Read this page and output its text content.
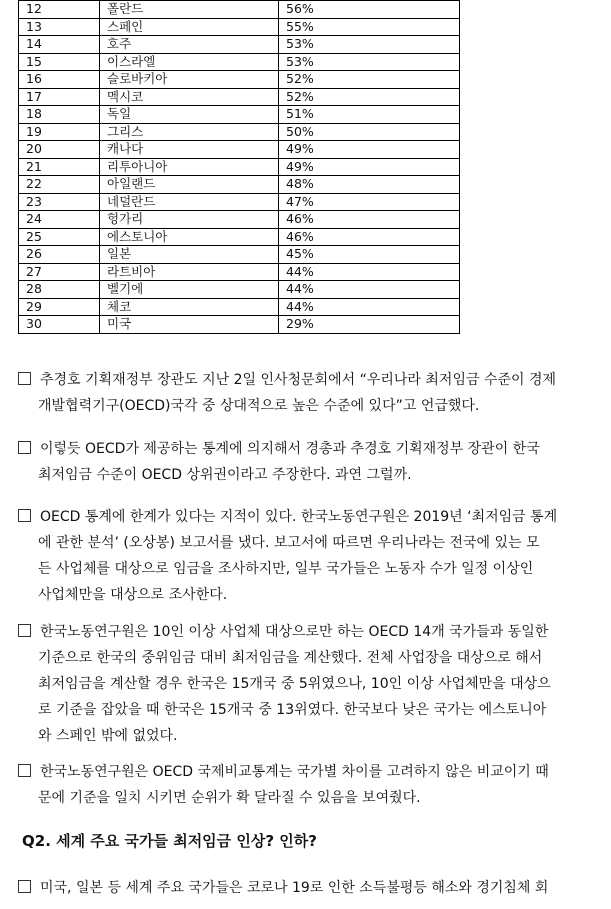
12	폴란드	56%
13	스페인	55%
14	호주	53%
15	이스라엘	53%
16	슬로바키아	52%
17	멕시코	52%
18	독일	51%
19	그리스	50%
20	캐나다	49%
21	리투아니아	49%
22	아일랜드	48%
23	네덜란드	47%
24	헝가리	46%
25	에스토니아	46%
26	일본	45%
27	라트비아	44%
28	벨기에	44%
29	체코	44%
30	미국	29%
추경호 기획재정부 장관도 지난 2일 인사청문회에서 “우리나라 최저임금 수준이 경제
개발협력기구(OECD)국각 중 상대적으로 높은 수준에 있다”고 언급했다.
이렇듯 OECD가 제공하는 통계에 의지해서 경총과 추경호 기획재정부 장관이 한국
최저임금 수준이 OECD 상위권이라고 주장한다. 과연 그럴까.
OECD 통계에 한계가 있다는 지적이 있다. 한국노동연구원은 2019년 ‘최저임금 통계
에 관한 분석’ (오상봉) 보고서를 냈다. 보고서에 따르면 우리나라는 전국에 있는 모
든 사업체를 대상으로 임금을 조사하지만, 일부 국가들은 노동자 수가 일정 이상인
사업체만을 대상으로 조사한다.
한국노동연구원은 10인 이상 사업체 대상으로만 하는 OECD 14개 국가들과 동일한
기준으로 한국의 중위임금 대비 최저임금을 계산했다. 전체 사업장을 대상으로 해서
최저임금을 계산할 경우 한국은 15개국 중 5위였으나, 10인 이상 사업체만을 대상으
로 기준을 잡았을 때 한국은 15개국 중 13위였다. 한국보다 낮은 국가는 에스토니아
와 스페인 밖에 없었다.
한국노동연구원은 OECD 국제비교통계는 국가별 차이를 고려하지 않은 비교이기 때
문에 기준을 일치 시키면 순위가 확 달라질 수 있음을 보여줬다.
Q2. 세계 주요 국가들 최저임금 인상? 인하?
미국, 일본 등 세계 주요 국가들은 코로나 19로 인한 소득불평등 해소와 경기침체 회
